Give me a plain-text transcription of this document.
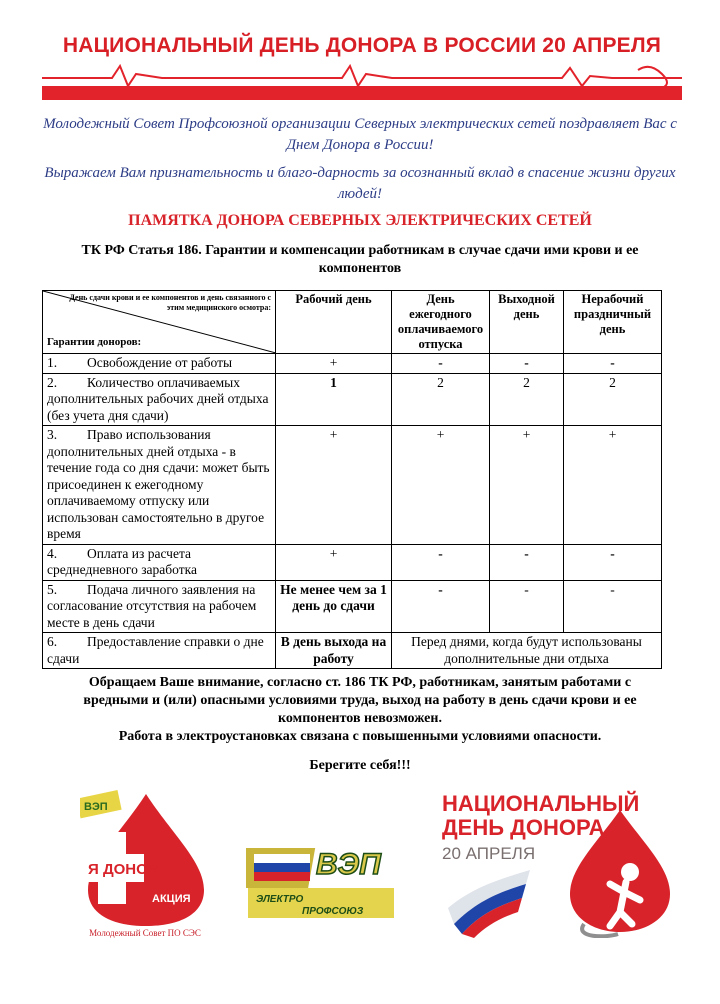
НАЦИОНАЛЬНЫЙ ДЕНЬ ДОНОРА В РОССИИ 20 АПРЕЛЯ
Молодежный Совет Профсоюзной организации Северных электрических сетей поздравляет Вас с Днем Донора в России!
Выражаем Вам признательность и благо-дарность за осознанный вклад в спасение жизни других людей!
ПАМЯТКА ДОНОРА СЕВЕРНЫХ ЭЛЕКТРИЧЕСКИХ СЕТЕЙ
ТК РФ Статья 186. Гарантии и компенсации работникам в случае сдачи ими крови и ее компонентов
День сдачи крови и ее компонентов и день связанного с этим медицинского осмотра:
Гарантии доноров:	Рабочий день	День ежегодного оплачиваемого отпуска	Выходной день	Нерабочий праздничный день
1. Освобождение от работы	+	-	-	-
2. Количество оплачиваемых дополнительных рабочих дней отдыха (без учета дня сдачи)	1	2	2	2
3. Право использования дополнительных дней отдыха - в течение года со дня сдачи: может быть присоединен к ежегодному оплачиваемому отпуску или использован самостоятельно в другое время	+	+	+	+
4. Оплата из расчета среднедневного заработка	+	-	-	-
5. Подача личного заявления на согласование отсутствия на рабочем месте в день сдачи	Не менее чем за 1 день до сдачи	-	-	-
6. Предоставление справки о дне сдачи	В день выхода на работу	Перед днями, когда будут использованы дополнительные дни отдыха		
Обращаем Ваше внимание, согласно ст. 186 ТК РФ, работникам, занятым работами с вредными и (или) опасными условиями труда, выход на работу в день сдачи крови и ее компонентов невозможен.
Работа в электроустановках связана с повышенными условиями опасности.
Берегите себя!!!
ВЭП
Я ДОНОР
АКЦИЯ
Молодежный Совет ПО СЭС
ВЭП
ЭЛЕКТРО
ПРОФСОЮЗ
НАЦИОНАЛЬНЫЙ
ДЕНЬ ДОНОРА
20 АПРЕЛЯ
